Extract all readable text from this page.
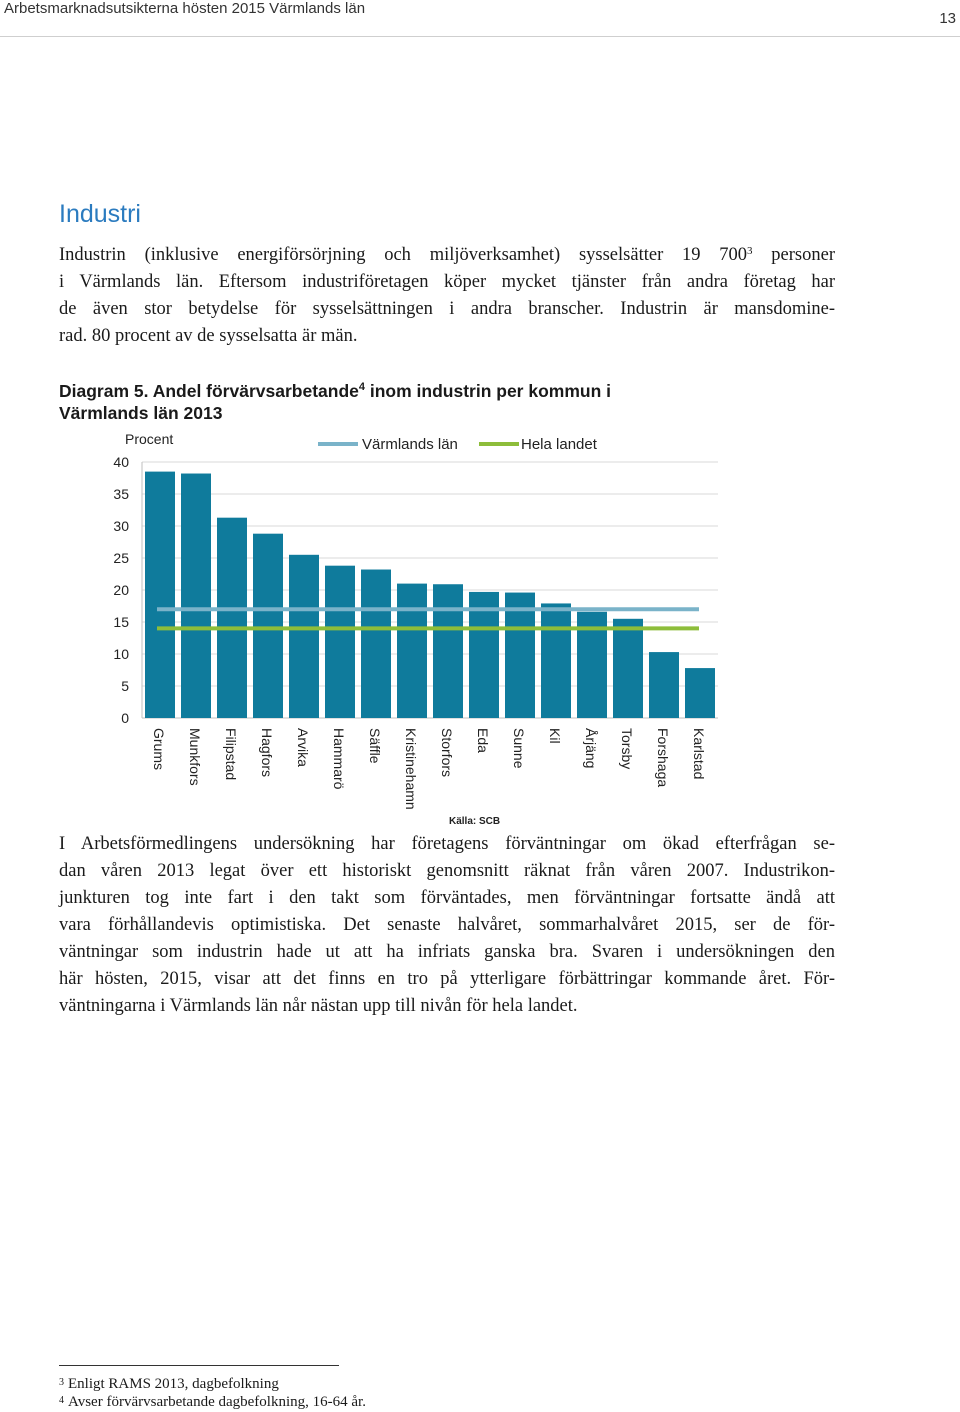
Arbetsmarknadsutsikterna hösten 2015 Värmlands län
13
Industri

Industrin (inklusive energiförsörjning och miljöverksamhet) sysselsätter 19 700$^3$ personer
i Värmlands län. Eftersom industriföretagen köper mycket tjänster från andra företag har
de även stor betydelse för sysselsättningen i andra branscher. Industrin är mansdomine-
rad. 80 procent av de sysselsatta är män.

Diagram 5. Andel förvärvsarbetande$^4$ inom industrin per kommun i
Värmlands län 2013

0
5
10
15
20
25
30
35
40
Grums Munkfors Filipstad Hagfors Arvika Hammarö Säffle Kristinehamn Storfors Eda Sunne Kil Årjäng Torsby Forshaga Karlstad
Procent	Värmlands län	Hela landet
Källa: SCB

I Arbetsförmedlingens undersökning har företagens förväntningar om ökad efterfrågan se-
dan våren 2013 legat över ett historiskt genomsnitt räknat från våren 2007. Industrikon-
junkturen tog inte fart i den takt som förväntades, men förväntningar fortsatte ändå att
vara förhållandevis optimistiska. Det senaste halvåret, sommarhalvåret 2015, ser de för-
väntningar som industrin hade ut att ha infriats ganska bra. Svaren i undersökningen den
här hösten, 2015, visar att det finns en tro på ytterligare förbättringar kommande året. För-
väntningarna i Värmlands län når nästan upp till nivån för hela landet.

$^3$ Enligt RAMS 2013, dagbefolkning
$^4$ Avser förvärvsarbetande dagbefolkning, 16-64 år.
